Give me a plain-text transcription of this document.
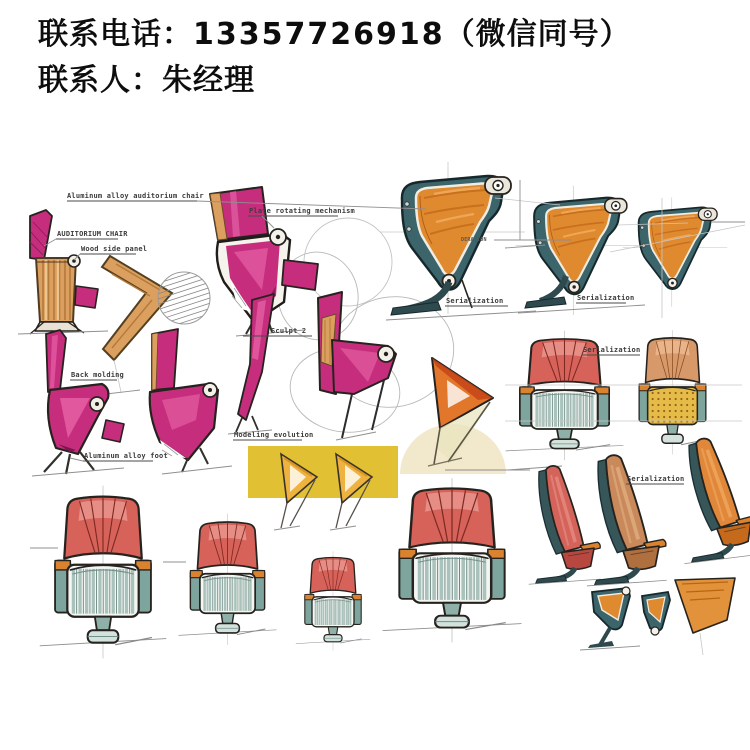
联系电话：13357726918（微信同号）
联系人：朱经理
Aluminum alloy auditorium chair
AUDITORIUM CHAIR
Wood side panel
Plate rotating mechanism
Sculpt 2
Back molding
Aluminum alloy foot
Modeling evolution
DERATION
Serialization	Serialization
Serialization
Serialization
